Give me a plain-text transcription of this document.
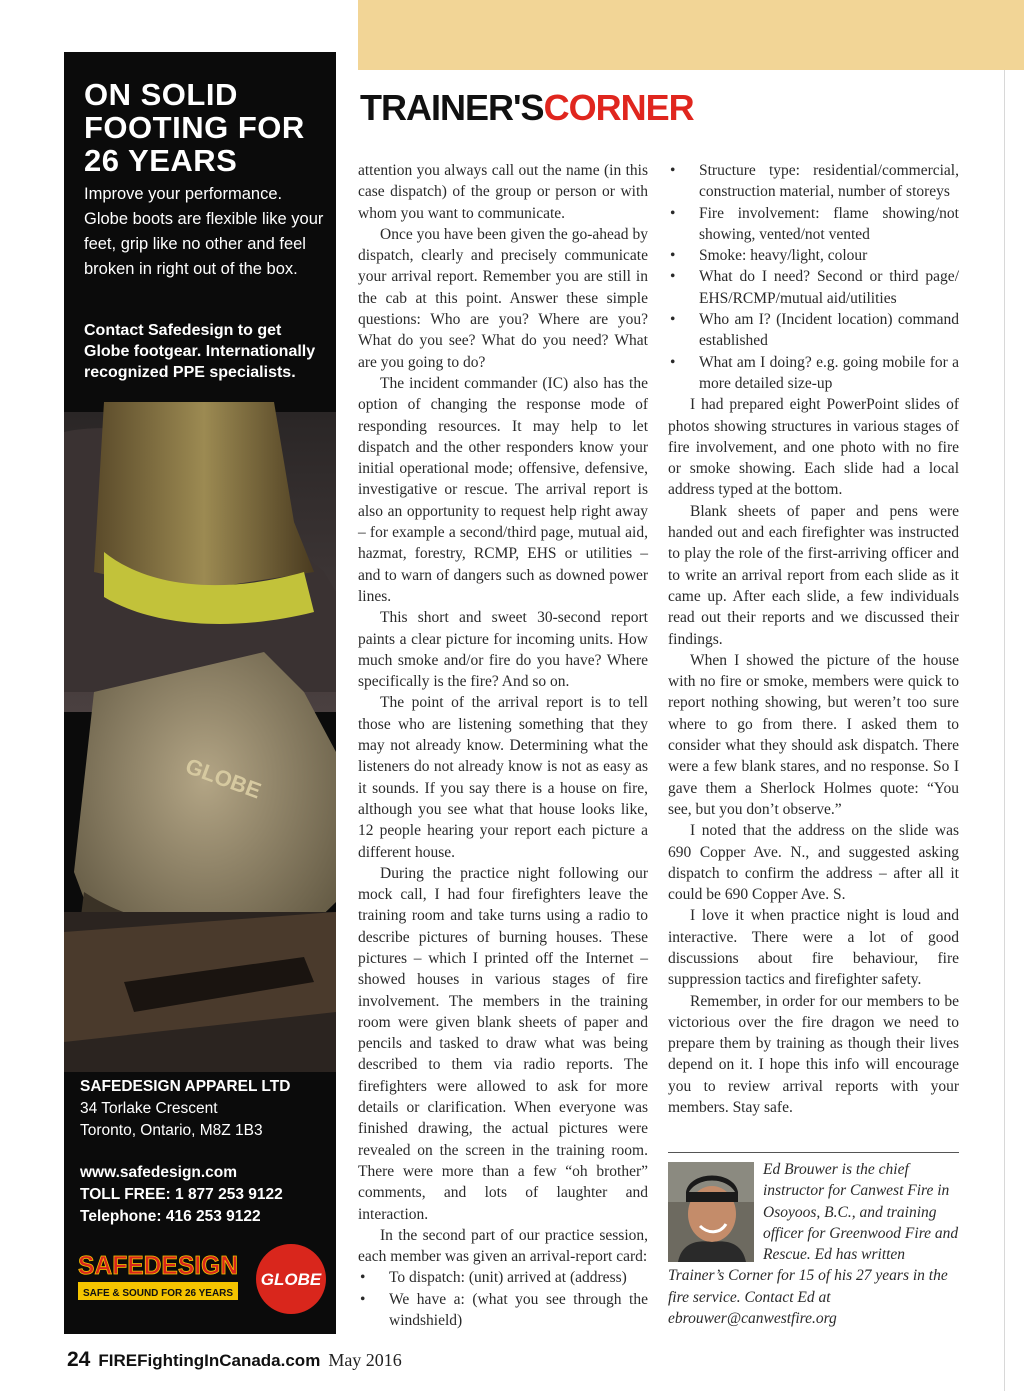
GLOBE
ON SOLID FOOTING FOR 26 YEARS

Improve your performance. Globe boots are flexible like your feet, grip like no other and feel broken in right out of the box.

Contact Safedesign to get Globe footgear. Internationally recognized PPE specialists.

SAFEDESIGN APPAREL LTD
34 Torlake Crescent
Toronto, Ontario, M8Z 1B3
www.safedesign.com
TOLL FREE: 1 877 253 9122
Telephone: 416 253 9122
SAFEDESIGN
SAFE & SOUND FOR 26 YEARS
GLOBE
TRAINER'SCORNER

attention you always call out the name (in this case dispatch) of the group or person or with whom you want to communicate.

Once you have been given the go-ahead by dispatch, clearly and precisely communicate your arrival report. Remember you are still in the cab at this point. Answer these simple questions: Who are you? Where are you? What do you see? What do you need? What are you going to do?

The incident commander (IC) also has the option of changing the response mode of responding resources. It may help to let dispatch and the other responders know your initial operational mode; offensive, defensive, investigative or rescue. The arrival report is also an opportunity to request help right away – for example a second/third page, mutual aid, hazmat, forestry, RCMP, EHS or utilities – and to warn of dangers such as downed power lines.

This short and sweet 30-second report paints a clear picture for incoming units. How much smoke and/or fire do you have? Where specifically is the fire? And so on.

The point of the arrival report is to tell those who are listening something that they may not already know. Determining what the listeners do not already know is not as easy as it sounds. If you say there is a house on fire, although you see what that house looks like, 12 people hearing your report each picture a different house.

During the practice night following our mock call, I had four firefighters leave the training room and take turns using a radio to describe pictures of burning houses. These pictures – which I printed off the Internet – showed houses in various stages of fire involvement. The members in the training room were given blank sheets of paper and pencils and tasked to draw what was being described to them via radio reports. The firefighters were allowed to ask for more details or clarification. When everyone was finished drawing, the actual pictures were revealed on the screen in the training room. There were more than a few “oh brother” comments, and lots of laughter and interaction.

In the second part of our practice session, each member was given an arrival-report card:

• To dispatch: (unit) arrived at (address)
• We have a: (what you see through the windshield)
• Structure type: residential/commercial, construction material, number of storeys
• Fire involvement: flame showing/not showing, vented/not vented
• Smoke: heavy/light, colour
• What do I need? Second or third page/ EHS/RCMP/mutual aid/utilities
• Who am I? (Incident location) command established
• What am I doing? e.g. going mobile for a more detailed size-up

I had prepared eight PowerPoint slides of photos showing structures in various stages of fire involvement, and one photo with no fire or smoke showing. Each slide had a local address typed at the bottom.

Blank sheets of paper and pens were handed out and each firefighter was instructed to play the role of the first-arriving officer and to write an arrival report from each slide as it came up. After each slide, a few individuals read out their reports and we discussed their findings.

When I showed the picture of the house with no fire or smoke, members were quick to report nothing showing, but weren’t too sure where to go from there. I asked them to consider what they should ask dispatch. There were a few blank stares, and no response. So I gave them a Sherlock Holmes quote: “You see, but you don’t observe.”

I noted that the address on the slide was 690 Copper Ave. N., and suggested asking dispatch to confirm the address – after all it could be 690 Copper Ave. S.

I love it when practice night is loud and interactive. There were a lot of good discussions about fire behaviour, fire suppression tactics and firefighter safety.

Remember, in order for our members to be victorious over the fire dragon we need to prepare them by training as though their lives depend on it. I hope this info will encourage you to review arrival reports with your members. Stay safe.

Ed Brouwer is the chief instructor for Canwest Fire in Osoyoos, B.C., and training officer for Greenwood Fire and Rescue. Ed has written
Trainer’s Corner for 15 of his 27 years in the fire service. Contact Ed at ebrouwer@canwestfire.org

24 FIREFightingInCanada.com May 2016
